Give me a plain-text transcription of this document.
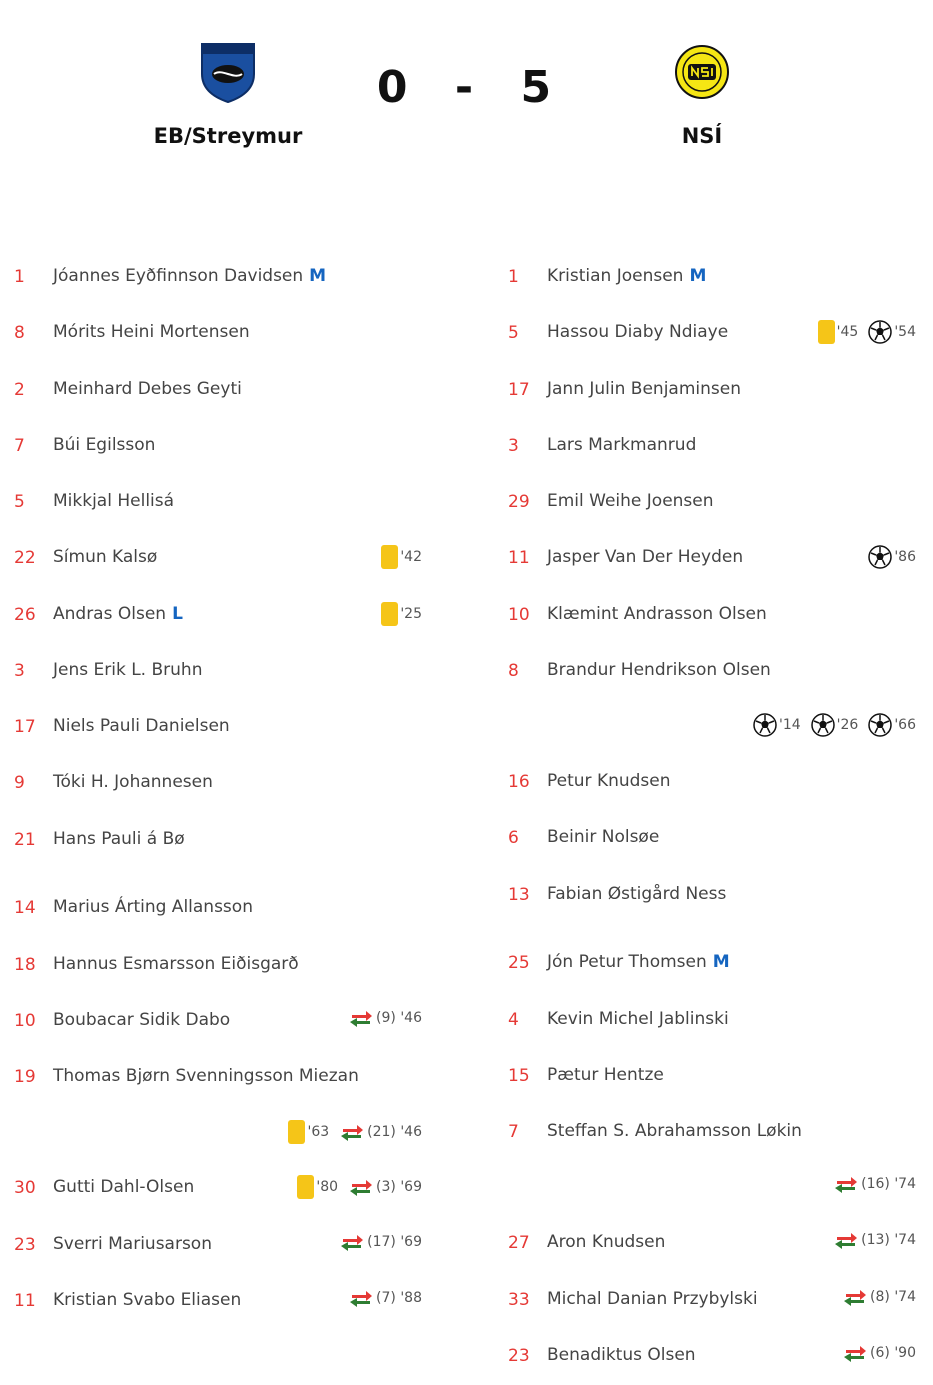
EB/Streymur
0 - 5
NSÍ
1 Jóannes Eyðfinnson Davidsen M
8 Mórits Heini Mortensen
2 Meinhard Debes Geyti
7 Búi Egilsson
5 Mikkjal Hellisá
22 Símun Kalsø	'42
26 Andras Olsen L	'25
3 Jens Erik L. Bruhn
17 Niels Pauli Danielsen
9 Tóki H. Johannesen
21 Hans Pauli á Bø
14 Marius Árting Allansson
18 Hannus Esmarsson Eiðisgarð
10 Boubacar Sidik Dabo	(9) '46
19 Thomas Bjørn Svenningsson Miezan
'63	(21) '46
30 Gutti Dahl-Olsen	'80	(3) '69
23 Sverri Mariusarson	(17) '69
11 Kristian Svabo Eliasen	(7) '88
1 Kristian Joensen M
5 Hassou Diaby Ndiaye	'45	'54
17 Jann Julin Benjaminsen
3 Lars Markmanrud
29 Emil Weihe Joensen
11 Jasper Van Der Heyden	'86
10 Klæmint Andrasson Olsen
8 Brandur Hendrikson Olsen
'14	'26	'66
16 Petur Knudsen
6 Beinir Nolsøe
13 Fabian Østigård Ness
25 Jón Petur Thomsen M
4 Kevin Michel Jablinski
15 Pætur Hentze
7 Steffan S. Abrahamsson Løkin
(16) '74
27 Aron Knudsen	(13) '74
33 Michal Danian Przybylski	(8) '74
23 Benadiktus Olsen	(6) '90
